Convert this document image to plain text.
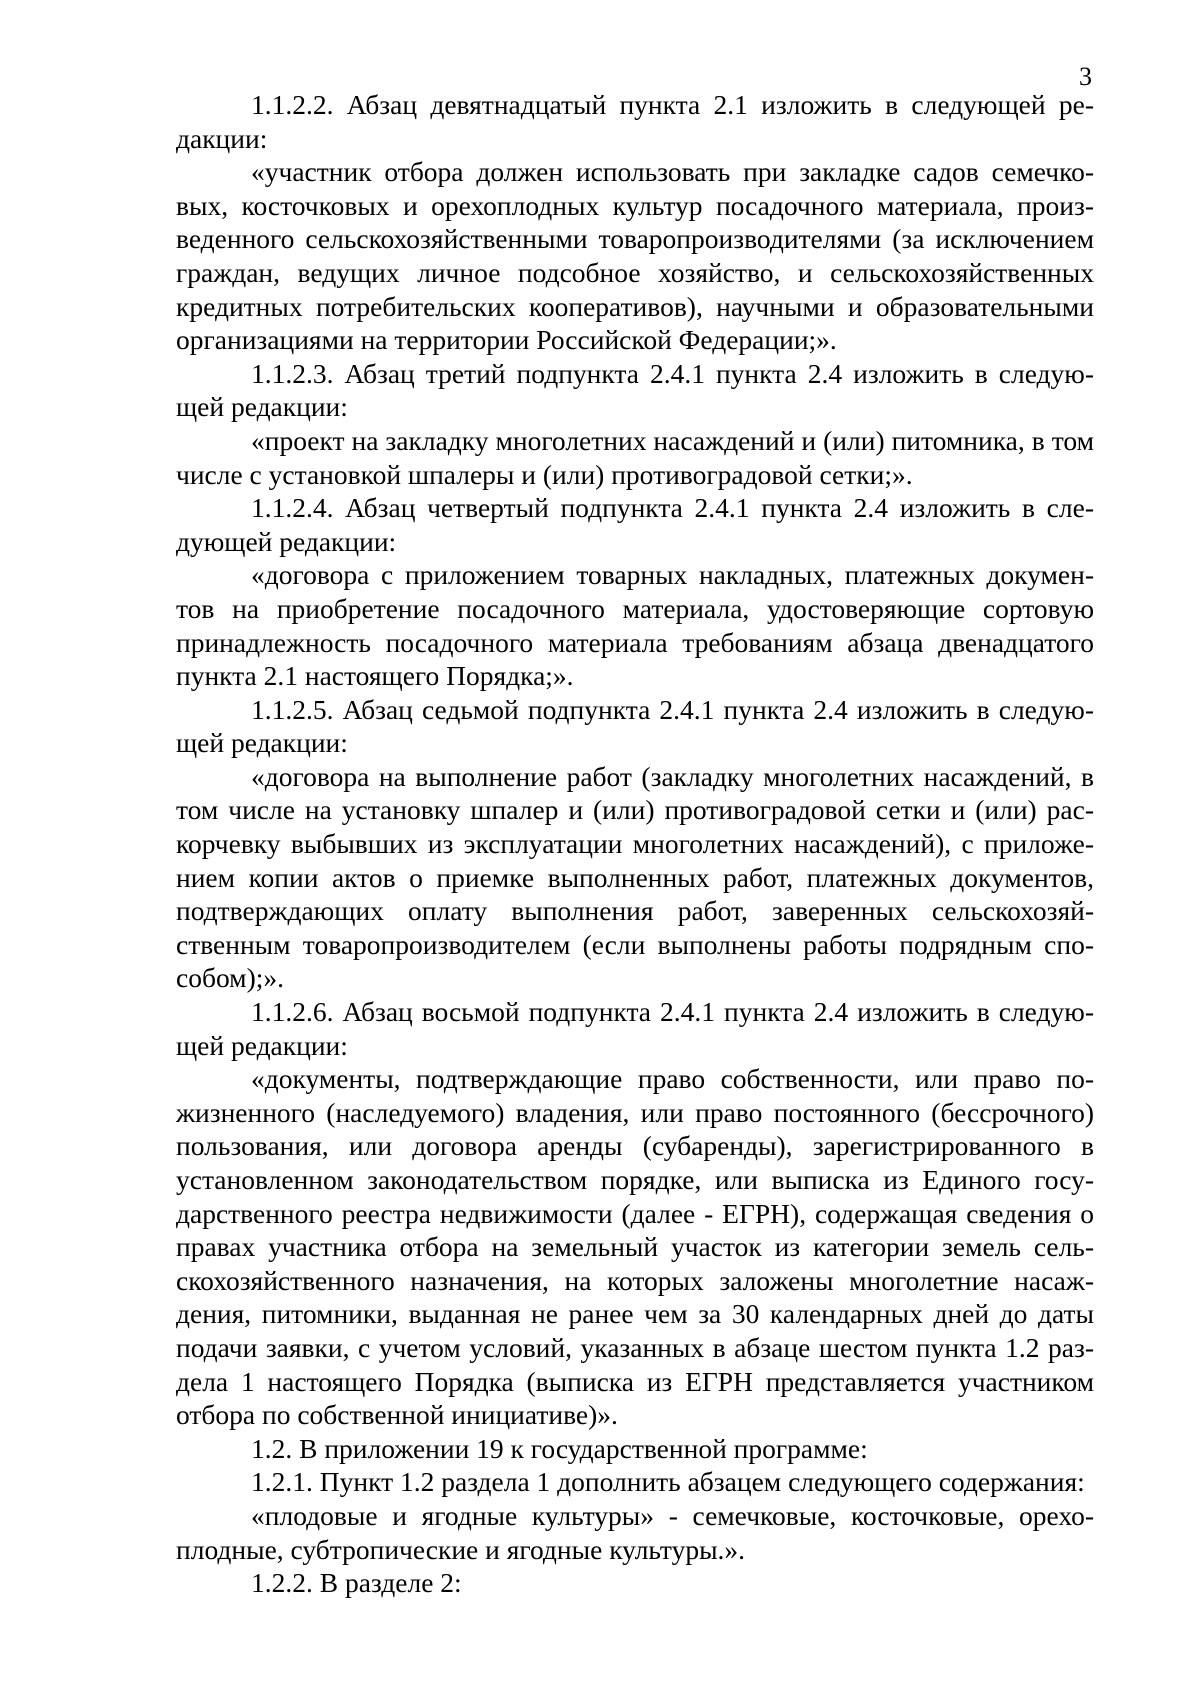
3

1.1.2.2. Абзац девятнадцатый пункта 2.1 изложить в следующей редакции:

«участник отбора должен использовать при закладке садов семечковых, косточковых и орехоплодных культур посадочного материала, произведенного сельскохозяйственными товаропроизводителями (за исключением граждан, ведущих личное подсобное хозяйство, и сельскохозяйственных кредитных потребительских кооперативов), научными и образовательными организациями на территории Российской Федерации;».

1.1.2.3. Абзац третий подпункта 2.4.1 пункта 2.4 изложить в следующей редакции:

«проект на закладку многолетних насаждений и (или) питомника, в том числе с установкой шпалеры и (или) противоградовой сетки;».

1.1.2.4. Абзац четвертый подпункта 2.4.1 пункта 2.4 изложить в следующей редакции:

«договора с приложением товарных накладных, платежных документов на приобретение посадочного материала, удостоверяющие сортовую принадлежность посадочного материала требованиям абзаца двенадцатого пункта 2.1 настоящего Порядка;».

1.1.2.5. Абзац седьмой подпункта 2.4.1 пункта 2.4 изложить в следующей редакции:

«договора на выполнение работ (закладку многолетних насаждений, в том числе на установку шпалер и (или) противоградовой сетки и (или) раскорчевку выбывших из эксплуатации многолетних насаждений), с приложением копии актов о приемке выполненных работ, платежных документов, подтверждающих оплату выполнения работ, заверенных сельскохозяйственным товаропроизводителем (если выполнены работы подрядным способом);».

1.1.2.6. Абзац восьмой подпункта 2.4.1 пункта 2.4 изложить в следующей редакции:

«документы, подтверждающие право собственности, или право пожизненного (наследуемого) владения, или право постоянного (бессрочного) пользования, или договора аренды (субаренды), зарегистрированного в установленном законодательством порядке, или выписка из Единого государственного реестра недвижимости (далее - ЕГРН), содержащая сведения о правах участника отбора на земельный участок из категории земель сельскохозяйственного назначения, на которых заложены многолетние насаждения, питомники, выданная не ранее чем за 30 календарных дней до даты подачи заявки, с учетом условий, указанных в абзаце шестом пункта 1.2 раздела 1 настоящего Порядка (выписка из ЕГРН представляется участником отбора по собственной инициативе)».

1.2. В приложении 19 к государственной программе:

1.2.1. Пункт 1.2 раздела 1 дополнить абзацем следующего содержания:

«плодовые и ягодные культуры» - семечковые, косточковые, орехоплодные, субтропические и ягодные культуры.».

1.2.2. В разделе 2:
